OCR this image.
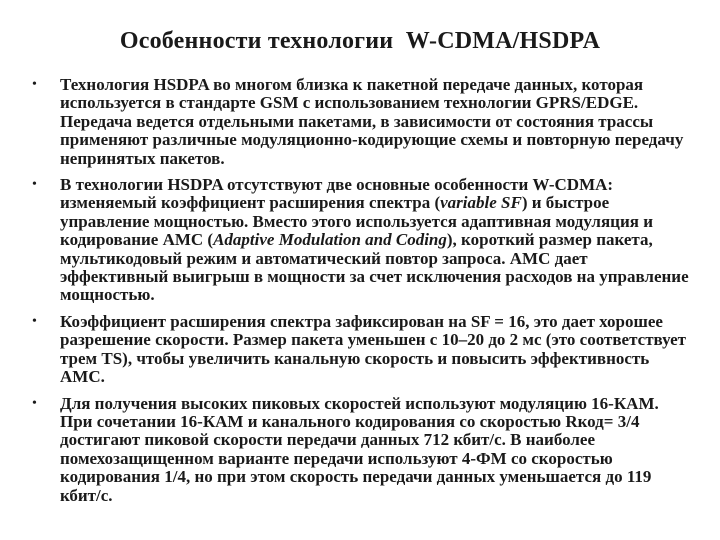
Особенности технологии  W-CDMA/HSDPA
• Технология HSDPA во многом близка к пакетной передаче данных, которая используется в стандарте GSM с использованием технологии GPRS/EDGE. Передача ведется отдельными пакетами, в зависимости от состояния трассы применяют различные модуляционно-кодирующие схемы и повторную передачу непринятых пакетов.
• В технологии HSDPA отсутствуют две основные особенности W-CDMA: изменяемый коэффициент расширения спектра (variable SF) и быстрое управление мощностью. Вместо этого используется адаптивная модуляция и кодирование AMC (Adaptive Modulation and Coding), короткий размер пакета, мультикодовый режим и автоматический повтор запроса. AMC дает эффективный выигрыш в мощности за счет исключения расходов на управление мощностью.
• Коэффициент расширения спектра зафиксирован на SF = 16, это дает хорошее разрешение скорости. Размер пакета уменьшен с 10–20 до 2 мс (это соответствует трем TS), чтобы увеличить канальную скорость и повысить эффективность AMC.
• Для получения высоких пиковых скоростей используют модуляцию 16-КАМ. При сочетании 16-КАМ и канального кодирования со скоростью Rкод= 3/4 достигают пиковой скорости передачи данных 712 кбит/с. В наиболее помехозащищенном варианте передачи используют 4-ФМ со скоростью кодирования 1/4, но при этом скорость передачи данных уменьшается до 119 кбит/с.
